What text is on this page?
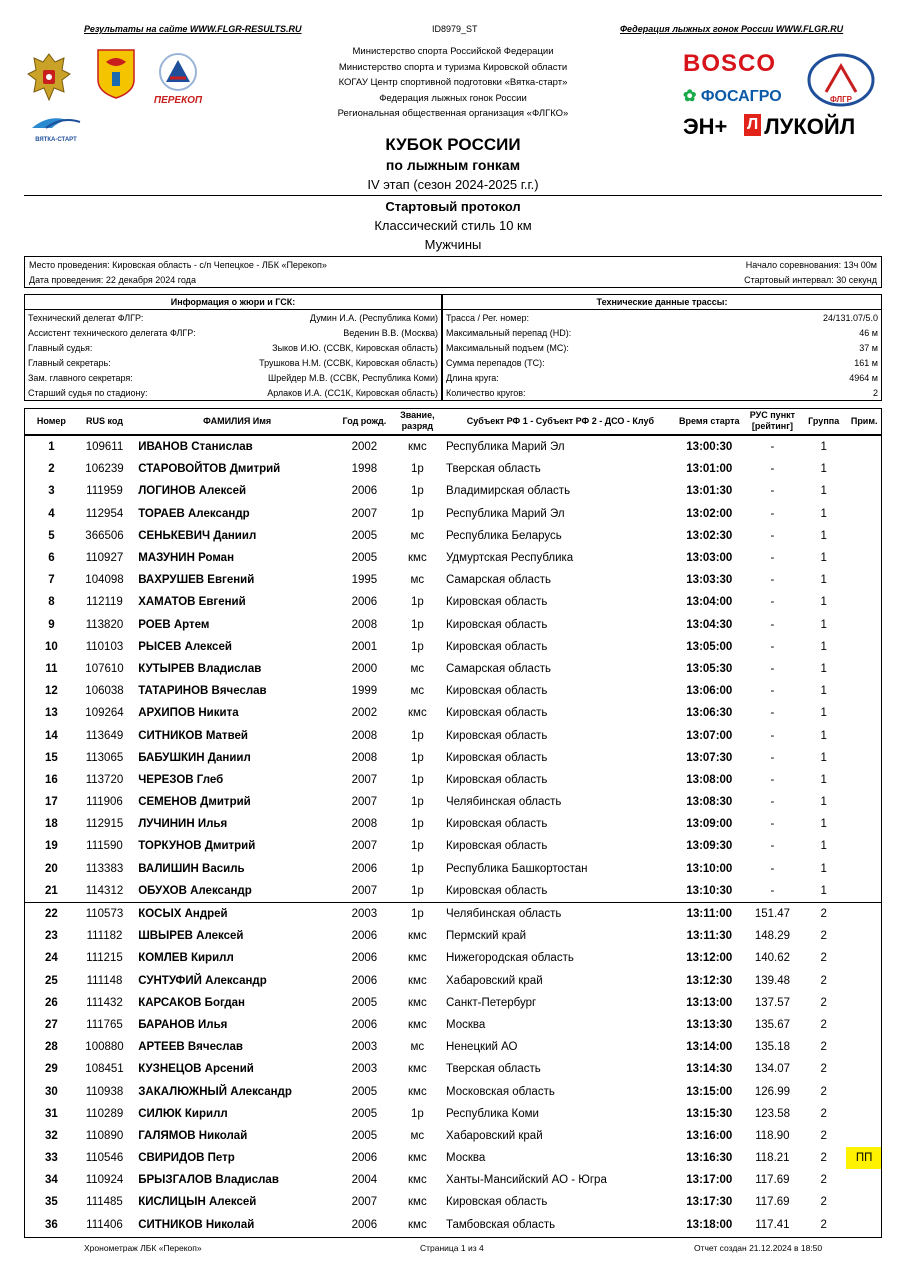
Результаты на сайте WWW.FLGR-RESULTS.RU	ID8979_ST	Федерация лыжных гонок России WWW.FLGR.RU
ПЕРЕКОП
ВЯТКА-СТАРТ
Министерство спорта Российской Федерации
Министерство спорта и туризма Кировской области
КОГАУ Центр спортивной подготовки «Вятка-старт»
Федерация лыжных гонок России
Региональная общественная организация «ФЛГКО»
BOSCO
✿ ФОСАГРО	ФЛГР
ЭН+ Л ЛУКОЙЛ
КУБОК РОССИИ
по лыжным гонкам
IV этап (сезон 2024-2025 г.г.)
Стартовый протокол
Классический стиль 10 км
Мужчины
Место проведения: Кировская область - с/п Чепецкое - ЛБК «Перекоп»
Дата проведения: 22 декабря 2024 года
Начало соревнования: 13ч 00м
Стартовый интервал: 30 секунд
Информация о жюри и ГСК:
Технический делегат ФЛГР:	Думин И.А. (Республика Коми)
Ассистент технического делегата ФЛГР:	Веденин В.В. (Москва)
Главный судья:	Зыков И.Ю. (ССВК, Кировская область)
Главный секретарь:	Трушкова Н.М. (ССВК, Кировская область)
Зам. главного секретаря:	Шрейдер М.В. (ССВК, Республика Коми)
Старший судья по стадиону:	Арлаков И.А. (СС1К, Кировская область)
Технические данные трассы:
Трасса / Рег. номер:	24/131.07/5.0
Максимальный перепад (HD):	46 м
Максимальный подъем (MC):	37 м
Сумма перепадов (TC):	161 м
Длина круга:	4964 м
Количество кругов:	2
Номер	RUS код	ФАМИЛИЯ Имя	Год рожд.	Звание, разряд	Субъект РФ 1 - Субъект РФ 2 - ДСО - Клуб	Время старта	РУС пункт [рейтинг]	Группа	Прим.
1	109611	ИВАНОВ Станислав	2002	кмс	Республика Марий Эл	13:00:30	-	1	
2	106239	СТАРОВОЙТОВ Дмитрий	1998	1р	Тверская область	13:01:00	-	1	
3	111959	ЛОГИНОВ Алексей	2006	1р	Владимирская область	13:01:30	-	1	
4	112954	ТОРАЕВ Александр	2007	1р	Республика Марий Эл	13:02:00	-	1	
5	366506	СЕНЬКЕВИЧ Даниил	2005	мс	Республика Беларусь	13:02:30	-	1	
6	110927	МАЗУНИН Роман	2005	кмс	Удмуртская Республика	13:03:00	-	1	
7	104098	ВАХРУШЕВ Евгений	1995	мс	Самарская область	13:03:30	-	1	
8	112119	ХАМАТОВ Евгений	2006	1р	Кировская область	13:04:00	-	1	
9	113820	РОЕВ Артем	2008	1р	Кировская область	13:04:30	-	1	
10	110103	РЫСЕВ Алексей	2001	1р	Кировская область	13:05:00	-	1	
11	107610	КУТЫРЕВ Владислав	2000	мс	Самарская область	13:05:30	-	1	
12	106038	ТАТАРИНОВ Вячеслав	1999	мс	Кировская область	13:06:00	-	1	
13	109264	АРХИПОВ Никита	2002	кмс	Кировская область	13:06:30	-	1	
14	113649	СИТНИКОВ Матвей	2008	1р	Кировская область	13:07:00	-	1	
15	113065	БАБУШКИН Даниил	2008	1р	Кировская область	13:07:30	-	1	
16	113720	ЧЕРЕЗОВ Глеб	2007	1р	Кировская область	13:08:00	-	1	
17	111906	СЕМЕНОВ Дмитрий	2007	1р	Челябинская область	13:08:30	-	1	
18	112915	ЛУЧИНИН Илья	2008	1р	Кировская область	13:09:00	-	1	
19	111590	ТОРКУНОВ Дмитрий	2007	1р	Кировская область	13:09:30	-	1	
20	113383	ВАЛИШИН Василь	2006	1р	Республика Башкортостан	13:10:00	-	1	
21	114312	ОБУХОВ Александр	2007	1р	Кировская область	13:10:30	-	1	
22	110573	КОСЫХ Андрей	2003	1р	Челябинская область	13:11:00	151.47	2	
23	111182	ШВЫРЕВ Алексей	2006	кмс	Пермский край	13:11:30	148.29	2	
24	111215	КОМЛЕВ Кирилл	2006	кмс	Нижегородская область	13:12:00	140.62	2	
25	111148	СУНТУФИЙ Александр	2006	кмс	Хабаровский край	13:12:30	139.48	2	
26	111432	КАРСАКОВ Богдан	2005	кмс	Санкт-Петербург	13:13:00	137.57	2	
27	111765	БАРАНОВ Илья	2006	кмс	Москва	13:13:30	135.67	2	
28	100880	АРТЕЕВ Вячеслав	2003	мс	Ненецкий АО	13:14:00	135.18	2	
29	108451	КУЗНЕЦОВ Арсений	2003	кмс	Тверская область	13:14:30	134.07	2	
30	110938	ЗАКАЛЮЖНЫЙ Александр	2005	кмс	Московская область	13:15:00	126.99	2	
31	110289	СИЛЮК Кирилл	2005	1р	Республика Коми	13:15:30	123.58	2	
32	110890	ГАЛЯМОВ Николай	2005	мс	Хабаровский край	13:16:00	118.90	2	
33	110546	СВИРИДОВ Петр	2006	кмс	Москва	13:16:30	118.21	2	ПП
34	110924	БРЫЗГАЛОВ Владислав	2004	кмс	Ханты-Мансийский АО - Югра	13:17:00	117.69	2	
35	111485	КИСЛИЦЫН Алексей	2007	кмс	Кировская область	13:17:30	117.69	2	
36	111406	СИТНИКОВ Николай	2006	кмс	Тамбовская область	13:18:00	117.41	2	
Хронометраж ЛБК «Перекоп»	Страница 1 из 4	Отчет создан 21.12.2024 в 18:50
